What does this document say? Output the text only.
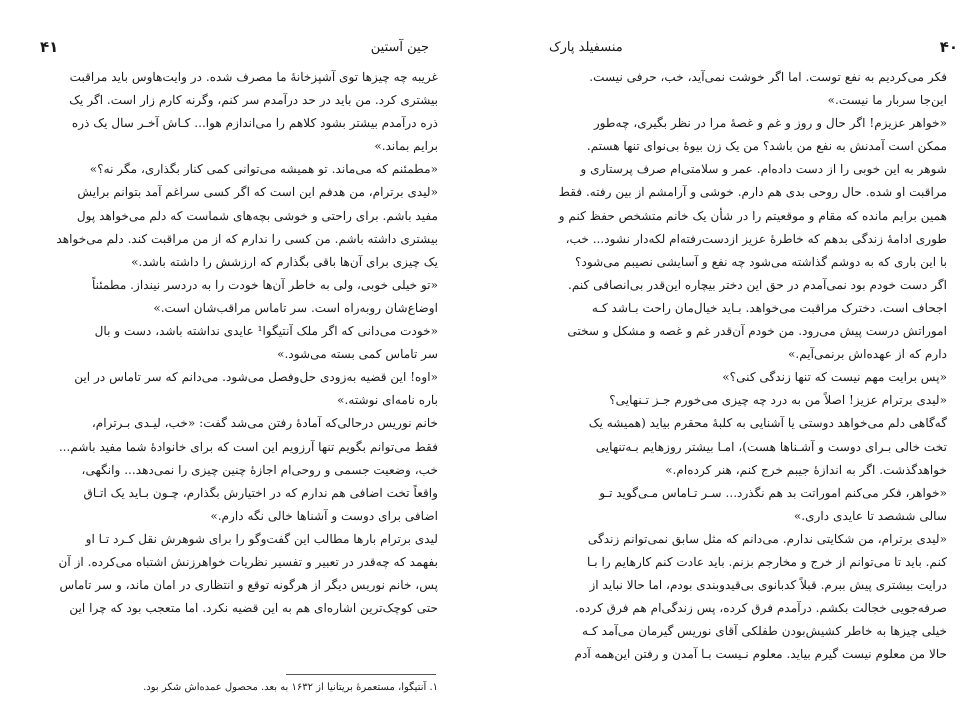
۴۱	جین آستین

غریبه چه چیزها توی آشپزخانهٔ ما مصرف شده. در وایت‌هاوس باید مراقبت

بیشتری کرد. من باید در حد درآمدم سر کنم، وگرنه کارم زار است. اگر یک

ذره درآمدم بیشتر بشود کلاهم را می‌اندازم هوا... کـاش آخـر سال یک ذره

برایم بماند.»

«مطمئنم که می‌ماند. تو همیشه می‌توانی کمی کنار بگذاری، مگر نه؟»

«لیدی برترام، من هدفم این است که اگر کسی سراغم آمد بتوانم برایش

مفید باشم. برای راحتی و خوشی بچه‌های شماست که دلم می‌خواهد پول

بیشتری داشته باشم. من کسی را ندارم که از من مراقبت کند. دلم می‌خواهد

یک چیزی برای آن‌ها باقی بگذارم که ارزشش را داشته باشد.»

«تو خیلی خوبی، ولی به خاطر آن‌ها خودت را به دردسر نینداز. مطمئناً

اوضاع‌شان روبه‌راه است. سر تاماس مراقب‌شان است.»

«خودت می‌دانی که اگر ملک آنتیگوا¹ عایدی نداشته باشد، دست و بال

سر تاماس کمی بسته می‌شود.»

«اوه! این قضیه به‌زودی حل‌وفصل می‌شود. می‌دانم که سر تاماس در این

باره نامه‌ای نوشته.»

خانم نوریس درحالی‌که آمادهٔ رفتن می‌شد گفت: «خب، لیـدی بـرترام،

فقط می‌توانم بگویم تنها آرزویم این است که برای خانوادهٔ شما مفید باشم...

خب، وضعیت جسمی و روحی‌ام اجازهٔ چنین چیزی را نمی‌دهد... وانگهی،

واقعاً تخت اضافی هم ندارم که در اختیارش بگذارم، چـون بـاید یک اتـاق

اضافی برای دوست و آشناها خالی نگه دارم.»

لیدی برترام بارها مطالب این گفت‌وگو را برای شوهرش نقل کـرد تـا او

بفهمد که چه‌قدر در تعبیر و تفسیر نظریات خواهرزنش اشتباه می‌کرده. از آن

پس، خانم نوریس دیگر از هرگونه توقع و انتظاری در امان ماند، و سر تاماس

حتی کوچک‌ترین اشاره‌ای هم به این قضیه نکرد. اما متعجب بود که چرا این

۱. آنتیگوا، مستعمرهٔ بریتانیا از ۱۶۳۲ به بعد. محصول عمده‌اش شکر بود.
منسفیلد پارک	۴۰

فکر می‌کردیم به نفع توست. اما اگر خوشت نمی‌آید، خب، حرفی نیست.

این‌جا سربار ما نیست.»

«خواهر عزیزم! اگر حال و روز و غم و غصهٔ مرا در نظر بگیری، چه‌طور

ممکن است آمدنش به نفع من باشد؟ من یک زن بیوهٔ بی‌نوای تنها هستم.

شوهر به این خوبی را از دست داده‌ام. عمر و سلامتی‌ام صرف پرستاری و

مراقبت او شده. حال روحی بدی هم دارم. خوشی و آرامشم از بین رفته. فقط

همین برایم مانده که مقام و موقعیتم را در شأن یک خانم متشخص حفظ کنم و

طوری ادامهٔ زندگی بدهم که خاطرهٔ عزیز ازدست‌رفته‌ام لکه‌دار نشود... خب،

با این باری که به دوشم گذاشته می‌شود چه نفع و آسایشی نصیبم می‌شود؟

اگر دست خودم بود نمی‌آمدم در حق این دختر بیچاره این‌قدر بی‌انصافی کنم.

اجحاف است. دخترک مراقبت می‌خواهد. بـاید خیال‌مان راحت بـاشد کـه

اموراتش درست پیش می‌رود. من خودم آن‌قدر غم و غصه و مشکل و سختی

دارم که از عهده‌اش برنمی‌آیم.»

«پس برایت مهم نیست که تنها زندگی کنی؟»

«لیدی برترام عزیز! اصلاً من به درد چه چیزی می‌خورم جـز تـنهایی؟

گه‌گاهی دلم می‌خواهد دوستی یا آشنایی به کلبهٔ محقرم بیاید (همیشه یک

تخت خالی بـرای دوست و آشـناها هست)، امـا بیشتر روزهایم بـه‌تنهایی

خواهدگذشت. اگر به اندازهٔ جیبم خرج کنم، هنر کرده‌ام.»

«خواهر، فکر می‌کنم اموراتت بد هم نگذرد... سـر تـاماس مـی‌گوید تـو

سالی ششصد تا عایدی داری.»

«لیدی برترام، من شکایتی ندارم. می‌دانم که مثل سابق نمی‌توانم زندگی

کنم. باید تا می‌توانم از خرج و مخارجم بزنم. باید عادت کنم کارهایم را بـا

درایت بیشتری پیش ببرم. قبلاً کدبانوی بی‌قیدوبندی بودم، اما حالا نباید از

صرفه‌جویی خجالت بکشم. درآمدم فرق کرده، پس زندگی‌ام هم فرق کرده.

خیلی چیزها به خاطر کشیش‌بودن طفلکی آقای نوریس گیرمان می‌آمد کـه

حالا من معلوم نیست گیرم بیاید. معلوم نـیست بـا آمدن و رفتن این‌همه آدم
